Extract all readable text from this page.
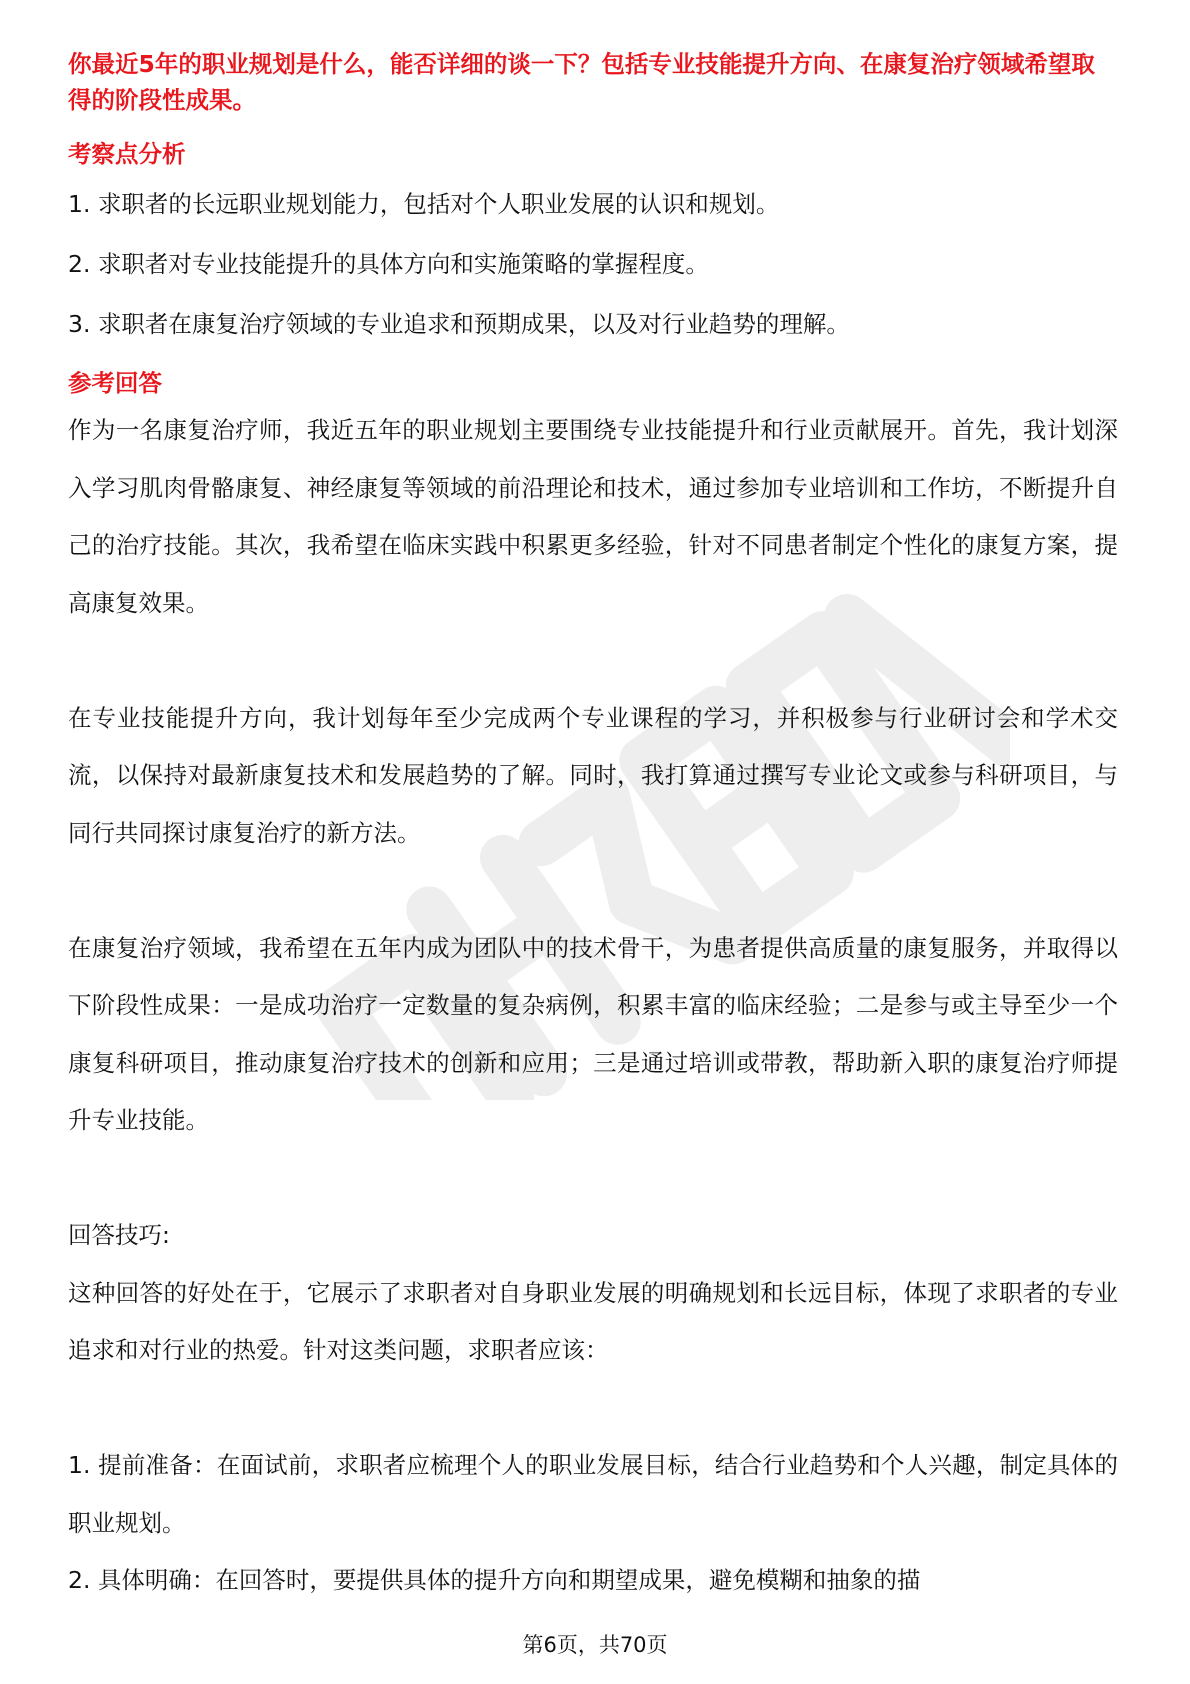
你最近5年的职业规划是什么，能否详细的谈一下？包括专业技能提升方向、在康复治疗领域希望取得的阶段性成果。

考察点分析

1. 求职者的长远职业规划能力，包括对个人职业发展的认识和规划。

2. 求职者对专业技能提升的具体方向和实施策略的掌握程度。

3. 求职者在康复治疗领域的专业追求和预期成果，以及对行业趋势的理解。

参考回答

作为一名康复治疗师，我近五年的职业规划主要围绕专业技能提升和行业贡献展开。首先，我计划深入学习肌肉骨骼康复、神经康复等领域的前沿理论和技术，通过参加专业培训和工作坊，不断提升自己的治疗技能。其次，我希望在临床实践中积累更多经验，针对不同患者制定个性化的康复方案，提高康复效果。

在专业技能提升方向，我计划每年至少完成两个专业课程的学习，并积极参与行业研讨会和学术交流，以保持对最新康复技术和发展趋势的了解。同时，我打算通过撰写专业论文或参与科研项目，与同行共同探讨康复治疗的新方法。

在康复治疗领域，我希望在五年内成为团队中的技术骨干，为患者提供高质量的康复服务，并取得以下阶段性成果：一是成功治疗一定数量的复杂病例，积累丰富的临床经验；二是参与或主导至少一个康复科研项目，推动康复治疗技术的创新和应用；三是通过培训或带教，帮助新入职的康复治疗师提升专业技能。

回答技巧:

这种回答的好处在于，它展示了求职者对自身职业发展的明确规划和长远目标，体现了求职者的专业追求和对行业的热爱。针对这类问题，求职者应该：

1. 提前准备：在面试前，求职者应梳理个人的职业发展目标，结合行业趋势和个人兴趣，制定具体的职业规划。

2. 具体明确：在回答时，要提供具体的提升方向和期望成果，避免模糊和抽象的描

第6页，共70页
